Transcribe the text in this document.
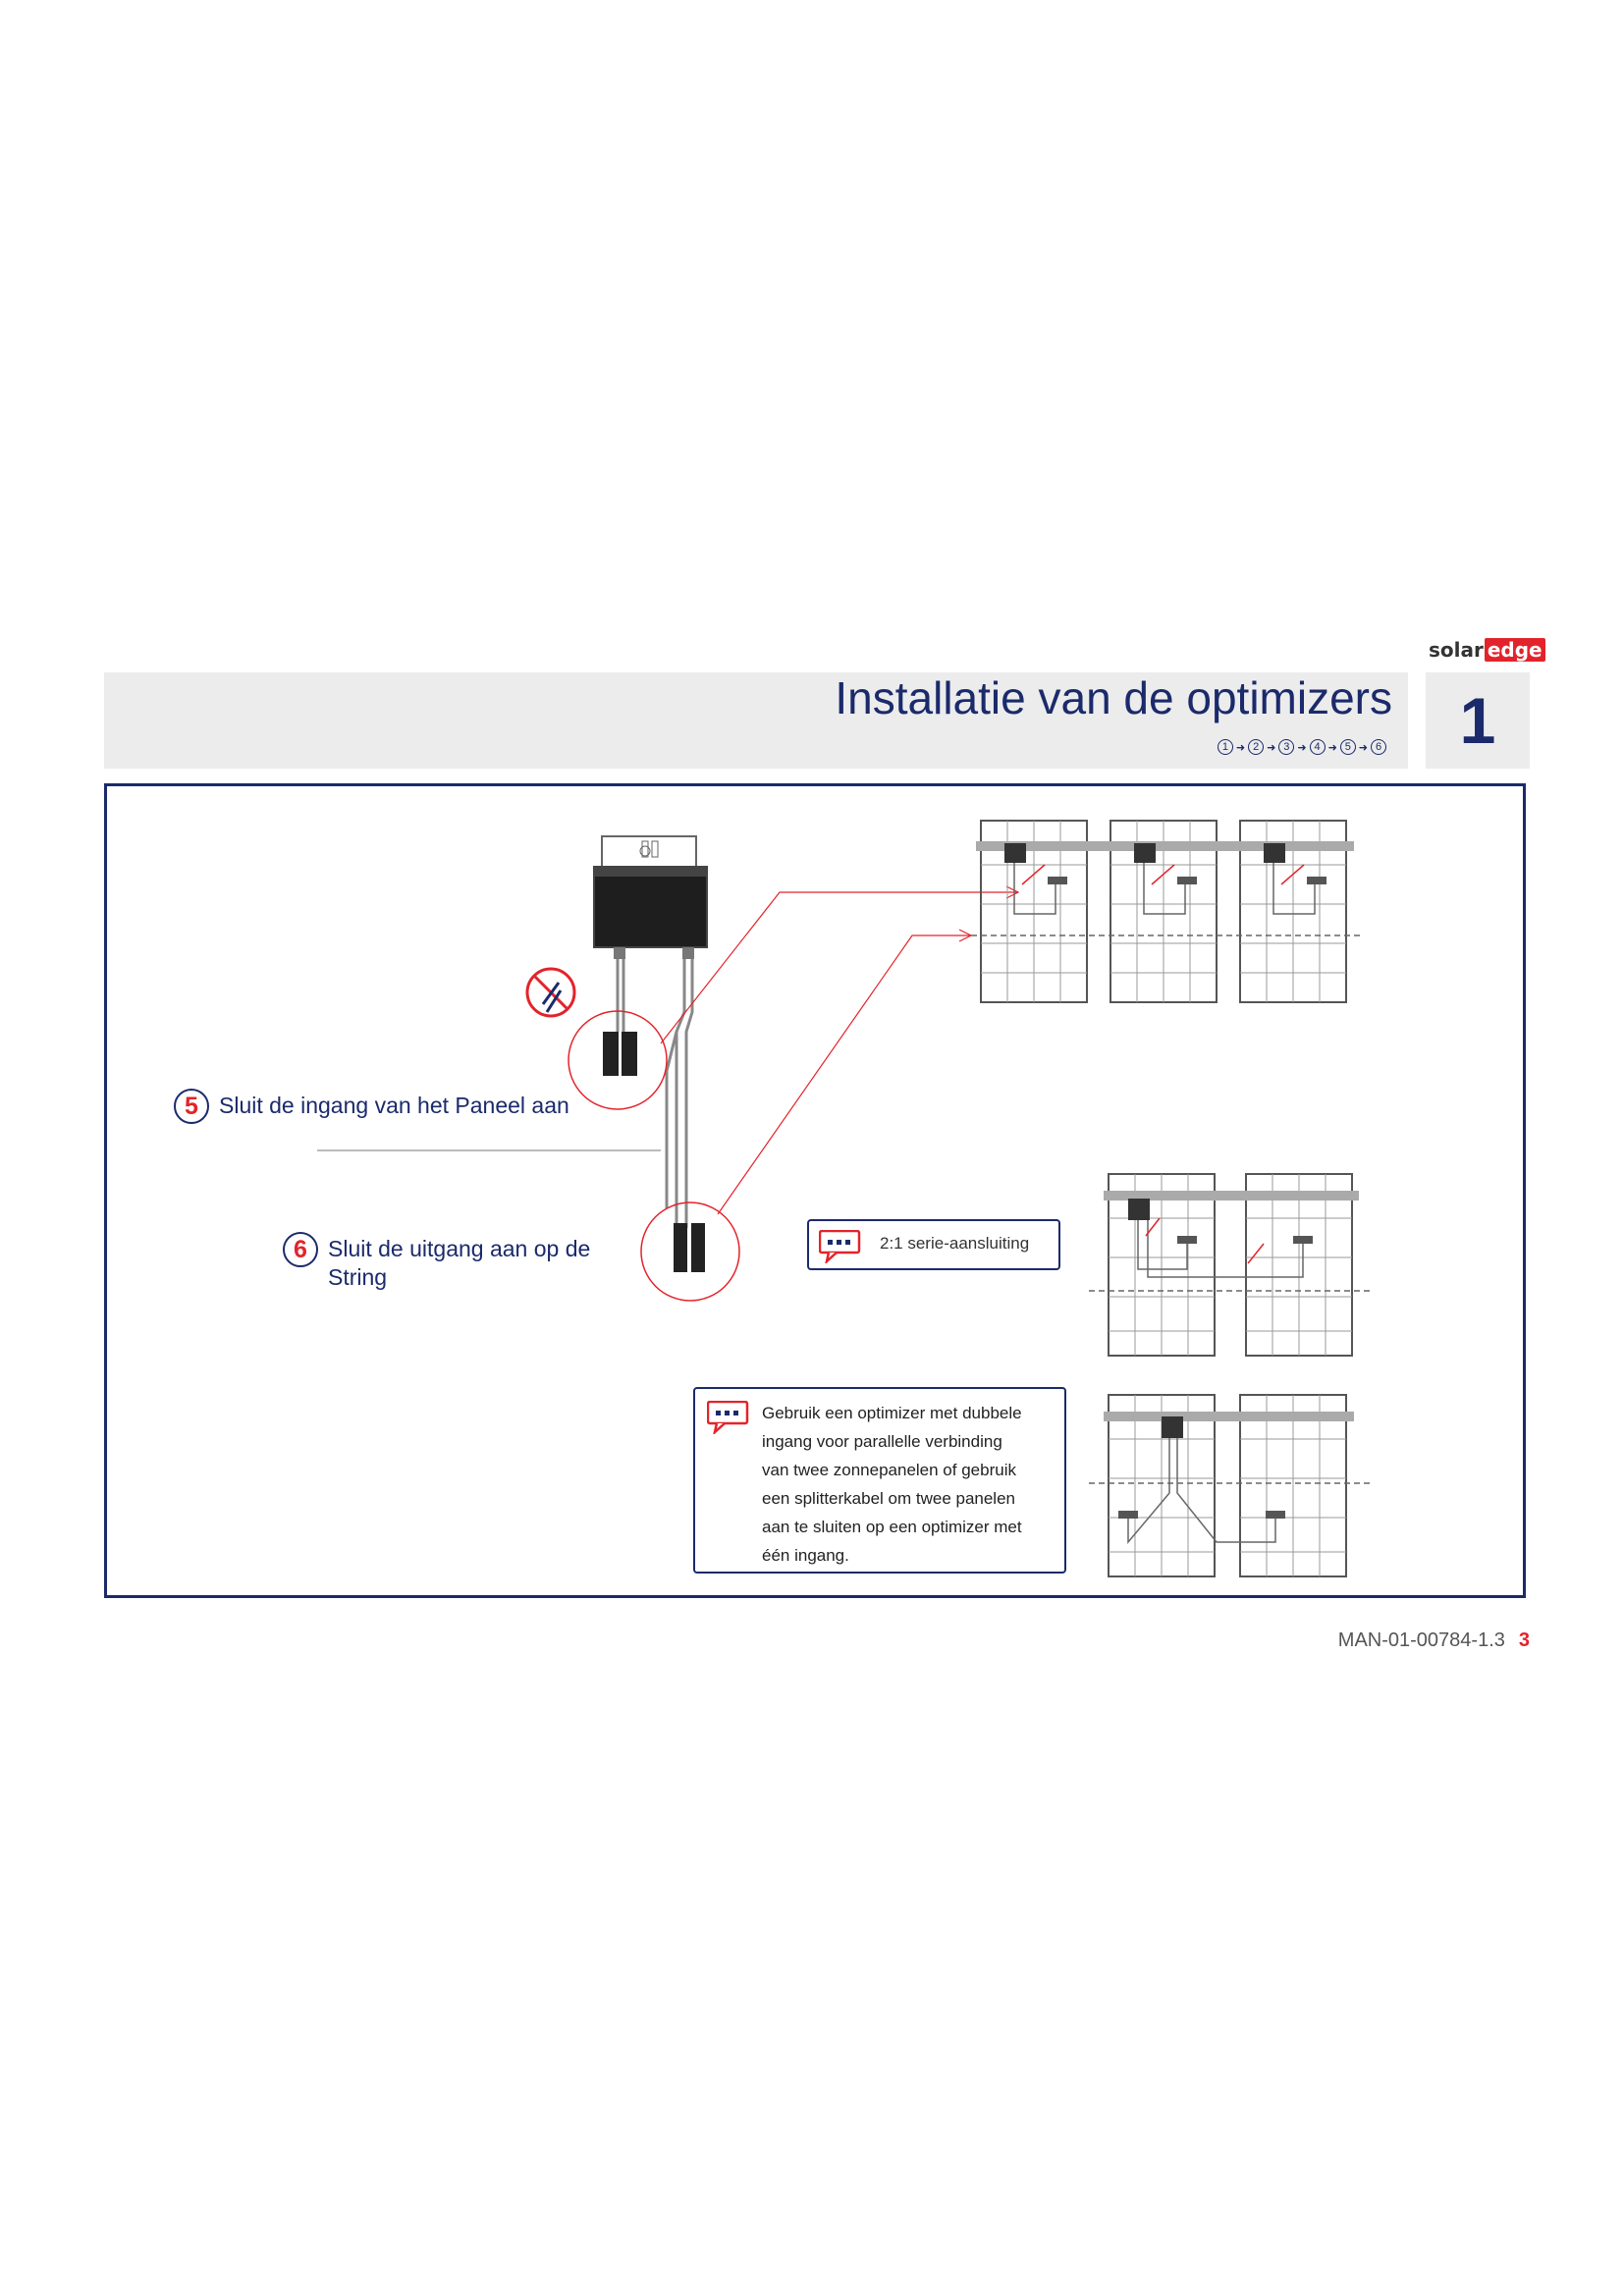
solar edge
Installatie van de optimizers
1 ➜ 2 ➜ 3 ➜ 4 ➜ 5 ➜ 6	1
5 Sluit de ingang van het Paneel aan
6 Sluit de uitgang aan op de
String
2:1 serie-aansluiting
Gebruik een optimizer met dubbele
ingang voor parallelle verbinding
van twee zonnepanelen of gebruik
een splitterkabel om twee panelen
aan te sluiten op een optimizer met
één ingang.
MAN-01-00784-1.3 3
